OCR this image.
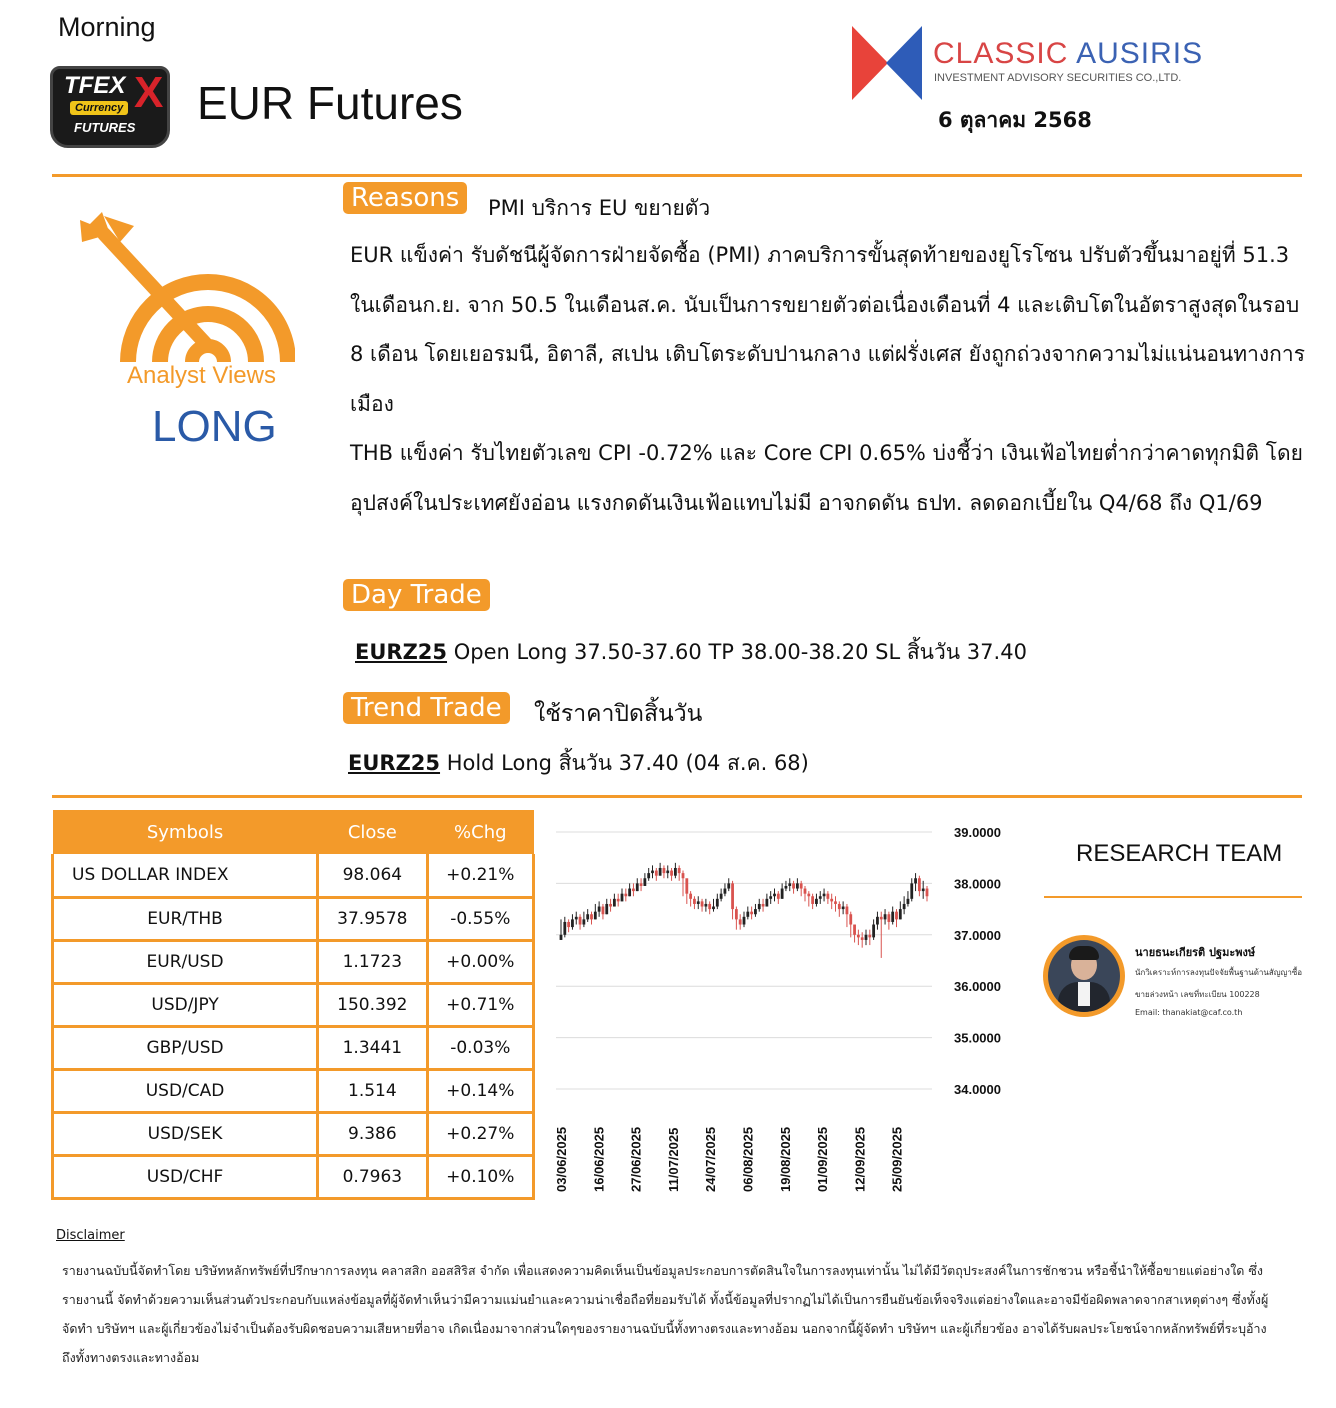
Morning
TFEX X
Currency
FUTURES EUR Futures
CLASSIC AUSIRIS
INVESTMENT ADVISORY SECURITIES CO.,LTD.
6 ตุลาคม 2568
Analyst Views
LONG
Reasons	PMI บริการ EU ขยายตัว
EUR แข็งค่า รับดัชนีผู้จัดการฝ่ายจัดซื้อ (PMI) ภาคบริการขั้นสุดท้ายของยูโรโซน ปรับตัวขึ้นมาอยู่ที่ 51.3 ในเดือนก.ย. จาก 50.5 ในเดือนส.ค. นับเป็นการขยายตัวต่อเนื่องเดือนที่ 4 และเติบโตในอัตราสูงสุดในรอบ 8 เดือน โดยเยอรมนี, อิตาลี, สเปน เติบโตระดับปานกลาง แต่ฝรั่งเศส ยังถูกถ่วงจากความไม่แน่นอนทางการเมือง
THB แข็งค่า รับไทยตัวเลข CPI -0.72% และ Core CPI 0.65% บ่งชี้ว่า เงินเฟ้อไทยต่ำกว่าคาดทุกมิติ โดยอุปสงค์ในประเทศยังอ่อน แรงกดดันเงินเฟ้อแทบไม่มี อาจกดดัน ธปท. ลดดอกเบี้ยใน Q4/68 ถึง Q1/69
Day Trade
EURZ25 Open Long 37.50-37.60 TP 38.00-38.20 SL สิ้นวัน 37.40
Trend Trade	ใช้ราคาปิดสิ้นวัน
EURZ25 Hold Long สิ้นวัน 37.40 (04 ส.ค. 68)
Symbols	Close	%Chg
US DOLLAR INDEX	98.064	+0.21%
EUR/THB	37.9578	-0.55%
EUR/USD	1.1723	+0.00%
USD/JPY	150.392	+0.71%
GBP/USD	1.3441	-0.03%
USD/CAD	1.514	+0.14%
USD/SEK	9.386	+0.27%
USD/CHF	0.7963	+0.10%
39.0000
38.0000
37.0000
36.0000
35.0000
34.0000
03/06/2025 16/06/2025 27/06/2025 11/07/2025 24/07/2025 06/08/2025 19/08/2025 01/09/2025 12/09/2025 25/09/2025
RESEARCH TEAM
นายธนะเกียรติ ปฐมะพงษ์
นักวิเคราะห์การลงทุนปัจจัยพื้นฐานด้านสัญญาซื้อ
ขายล่วงหน้า เลขที่ทะเบียน 100228
Email: thanakiat@caf.co.th
Disclaimer
รายงานฉบับนี้จัดทำโดย บริษัทหลักทรัพย์ที่ปรึกษาการลงทุน คลาสสิก ออสสิริส จำกัด เพื่อแสดงความคิดเห็นเป็นข้อมูลประกอบการตัดสินใจในการลงทุนเท่านั้น ไม่ได้มีวัตถุประสงค์ในการชักชวน หรือชี้นำให้ซื้อขายแต่อย่างใด ซึ่งรายงานนี้ จัดทำด้วยความเห็นส่วนตัวประกอบกับแหล่งข้อมูลที่ผู้จัดทำเห็นว่ามีความแม่นยำและความน่าเชื่อถือที่ยอมรับได้ ทั้งนี้ข้อมูลที่ปรากฏไม่ได้เป็นการยืนยันข้อเท็จจริงแต่อย่างใดและอาจมีข้อผิดพลาดจากสาเหตุต่างๆ ซึ่งทั้งผู้จัดทำ บริษัทฯ และผู้เกี่ยวข้องไม่จำเป็นต้องรับผิดชอบความเสียหายที่อาจ เกิดเนื่องมาจากส่วนใดๆของรายงานฉบับนี้ทั้งทางตรงและทางอ้อม นอกจากนี้ผู้จัดทำ บริษัทฯ และผู้เกี่ยวข้อง อาจได้รับผลประโยชน์จากหลักทรัพย์ที่ระบุอ้างถึงทั้งทางตรงและทางอ้อม
